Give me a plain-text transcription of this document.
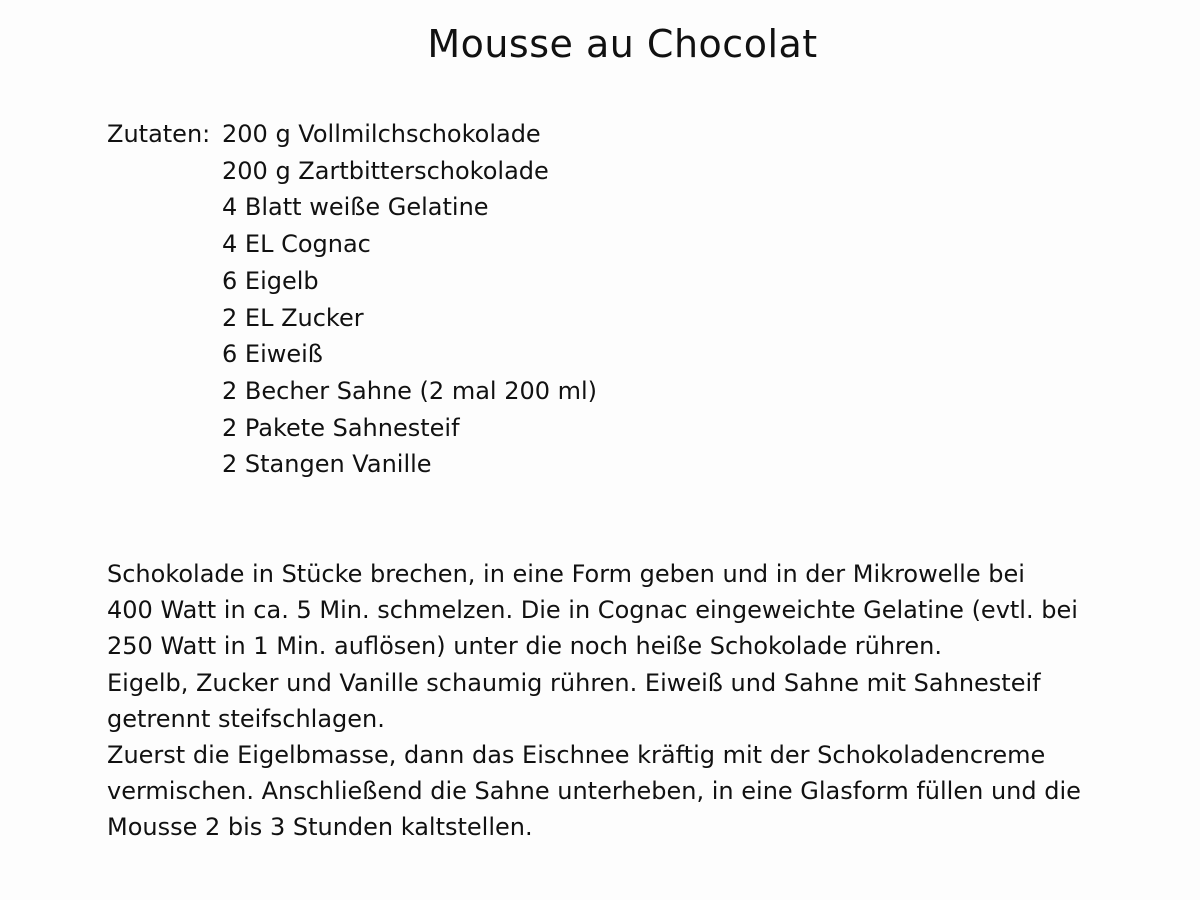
Mousse au Chocolat
Zutaten: 200 g Vollmilchschokolade
200 g Zartbitterschokolade
4 Blatt weiße Gelatine
4 EL Cognac
6 Eigelb
2 EL Zucker
6 Eiweiß
2 Becher Sahne (2 mal 200 ml)
2 Pakete Sahnesteif
2 Stangen Vanille
Schokolade in Stücke brechen, in eine Form geben und in der Mikrowelle bei
400 Watt in ca. 5 Min. schmelzen. Die in Cognac eingeweichte Gelatine (evtl. bei
250 Watt in 1 Min. auflösen) unter die noch heiße Schokolade rühren.
Eigelb, Zucker und Vanille schaumig rühren. Eiweiß und Sahne mit Sahnesteif
getrennt steifschlagen.
Zuerst die Eigelbmasse, dann das Eischnee kräftig mit der Schokoladencreme
vermischen. Anschließend die Sahne unterheben, in eine Glasform füllen und die
Mousse 2 bis 3 Stunden kaltstellen.
